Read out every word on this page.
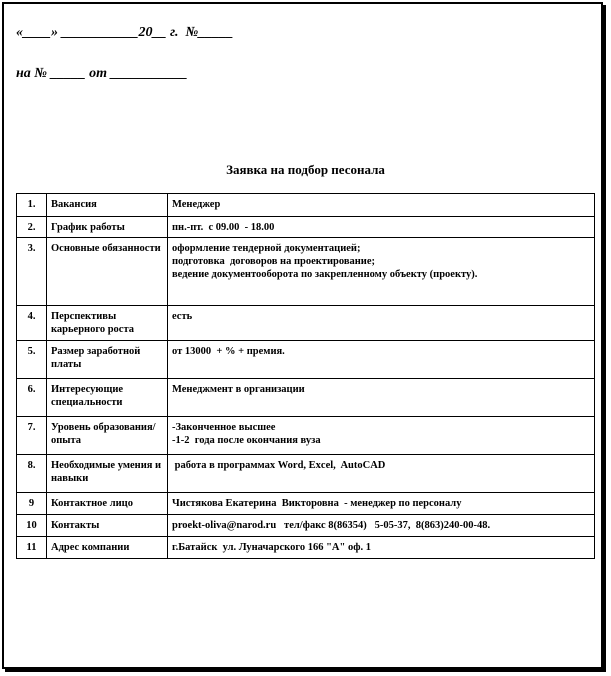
«____» ___________20__ г.  №_____
на № _____ от ___________
Заявка на подбор песонала
1.	Вакансия	Менеджер
2.	График работы	пн.-пт.  с 09.00  - 18.00
3.	Основные обязанности	оформление тендерной документацией;
подготовка  договоров на проектирование;
ведение документооборота по закрепленному объекту (проекту).
4.	Перспективы карьерного роста	есть
5.	Размер заработной платы	от 13000  + % + премия.
6.	Интересующие специальности	Менеджмент в организации
7.	Уровень образования/опыта	-Законченное высшее
-1-2  года после окончания вуза
8.	Необходимые умения и навыки	работа в программах Word, Excel,  AutoCAD
9	Контактное лицо	Чистякова Екатерина  Викторовна  - менеджер по персоналу
10	Контакты	proekt-oliva@narod.ru   тел/факс 8(86354)   5-05-37,  8(863)240-00-48.
11	Адрес компании	г.Батайск  ул. Луначарского 166 "А" оф. 1
